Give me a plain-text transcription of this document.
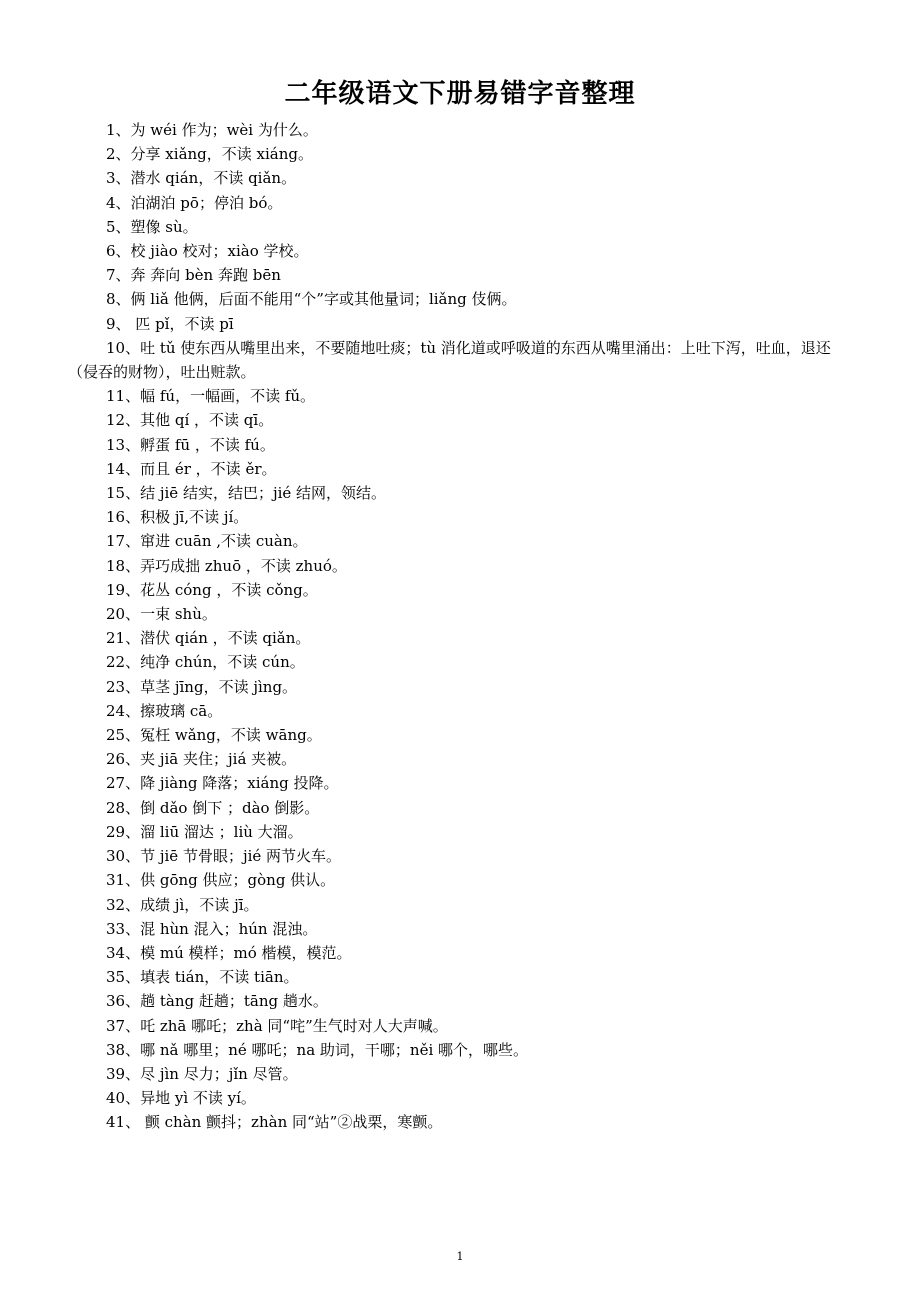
二年级语文下册易错字音整理
1、为 wéi 作为；wèi 为什么。
2、分享 xiǎng，不读 xiáng。
3、潜水 qián，不读 qiǎn。
4、泊湖泊 pō；停泊 bó。
5、塑像 sù。
6、校 jiào 校对；xiào 学校。
7、奔 奔向 bèn 奔跑 bēn
8、俩 liǎ 他俩，后面不能用“个”字或其他量词；liǎng 伎俩。
9、 匹 pǐ，不读 pī
10、吐 tǔ 使东西从嘴里出来，不要随地吐痰；tù 消化道或呼吸道的东西从嘴里涌出：上吐下泻，吐血，退还（侵吞的财物），吐出赃款。
11、幅 fú，一幅画，不读 fǔ。
12、其他 qí ，不读 qī。
13、孵蛋 fū ，不读 fú。
14、而且 ér ，不读 ěr。
15、结 jiē 结实，结巴；jié 结网，领结。
16、积极 jī,不读 jí。
17、窜进 cuān ,不读 cuàn。
18、弄巧成拙 zhuō ，不读 zhuó。
19、花丛 cóng ，不读 cǒng。
20、一束 shù。
21、潜伏 qián ，不读 qiǎn。
22、纯净 chún，不读 cún。
23、草茎 jīng，不读 jìng。
24、擦玻璃 cā。
25、冤枉 wǎng，不读 wāng。
26、夹 jiā 夹住；jiá 夹被。
27、降 jiàng 降落；xiáng 投降。
28、倒 dǎo 倒下 ；dào 倒影。
29、溜 liū 溜达 ；liù 大溜。
30、节 jiē 节骨眼；jié 两节火车。
31、供 gōng 供应；gòng 供认。
32、成绩 jì，不读 jī。
33、混 hùn 混入；hún 混浊。
34、模 mú 模样；mó 楷模，模范。
35、填表 tián，不读 tiān。
36、趟 tàng 赶趟；tāng 趟水。
37、吒 zhā 哪吒；zhà 同“咤”生气时对人大声喊。
38、哪 nǎ 哪里；né 哪吒；na 助词，干哪；něi 哪个，哪些。
39、尽 jìn 尽力；jǐn 尽管。
40、异地 yì 不读 yí。
41、 颤 chàn 颤抖；zhàn 同“站”②战栗，寒颤。
1
